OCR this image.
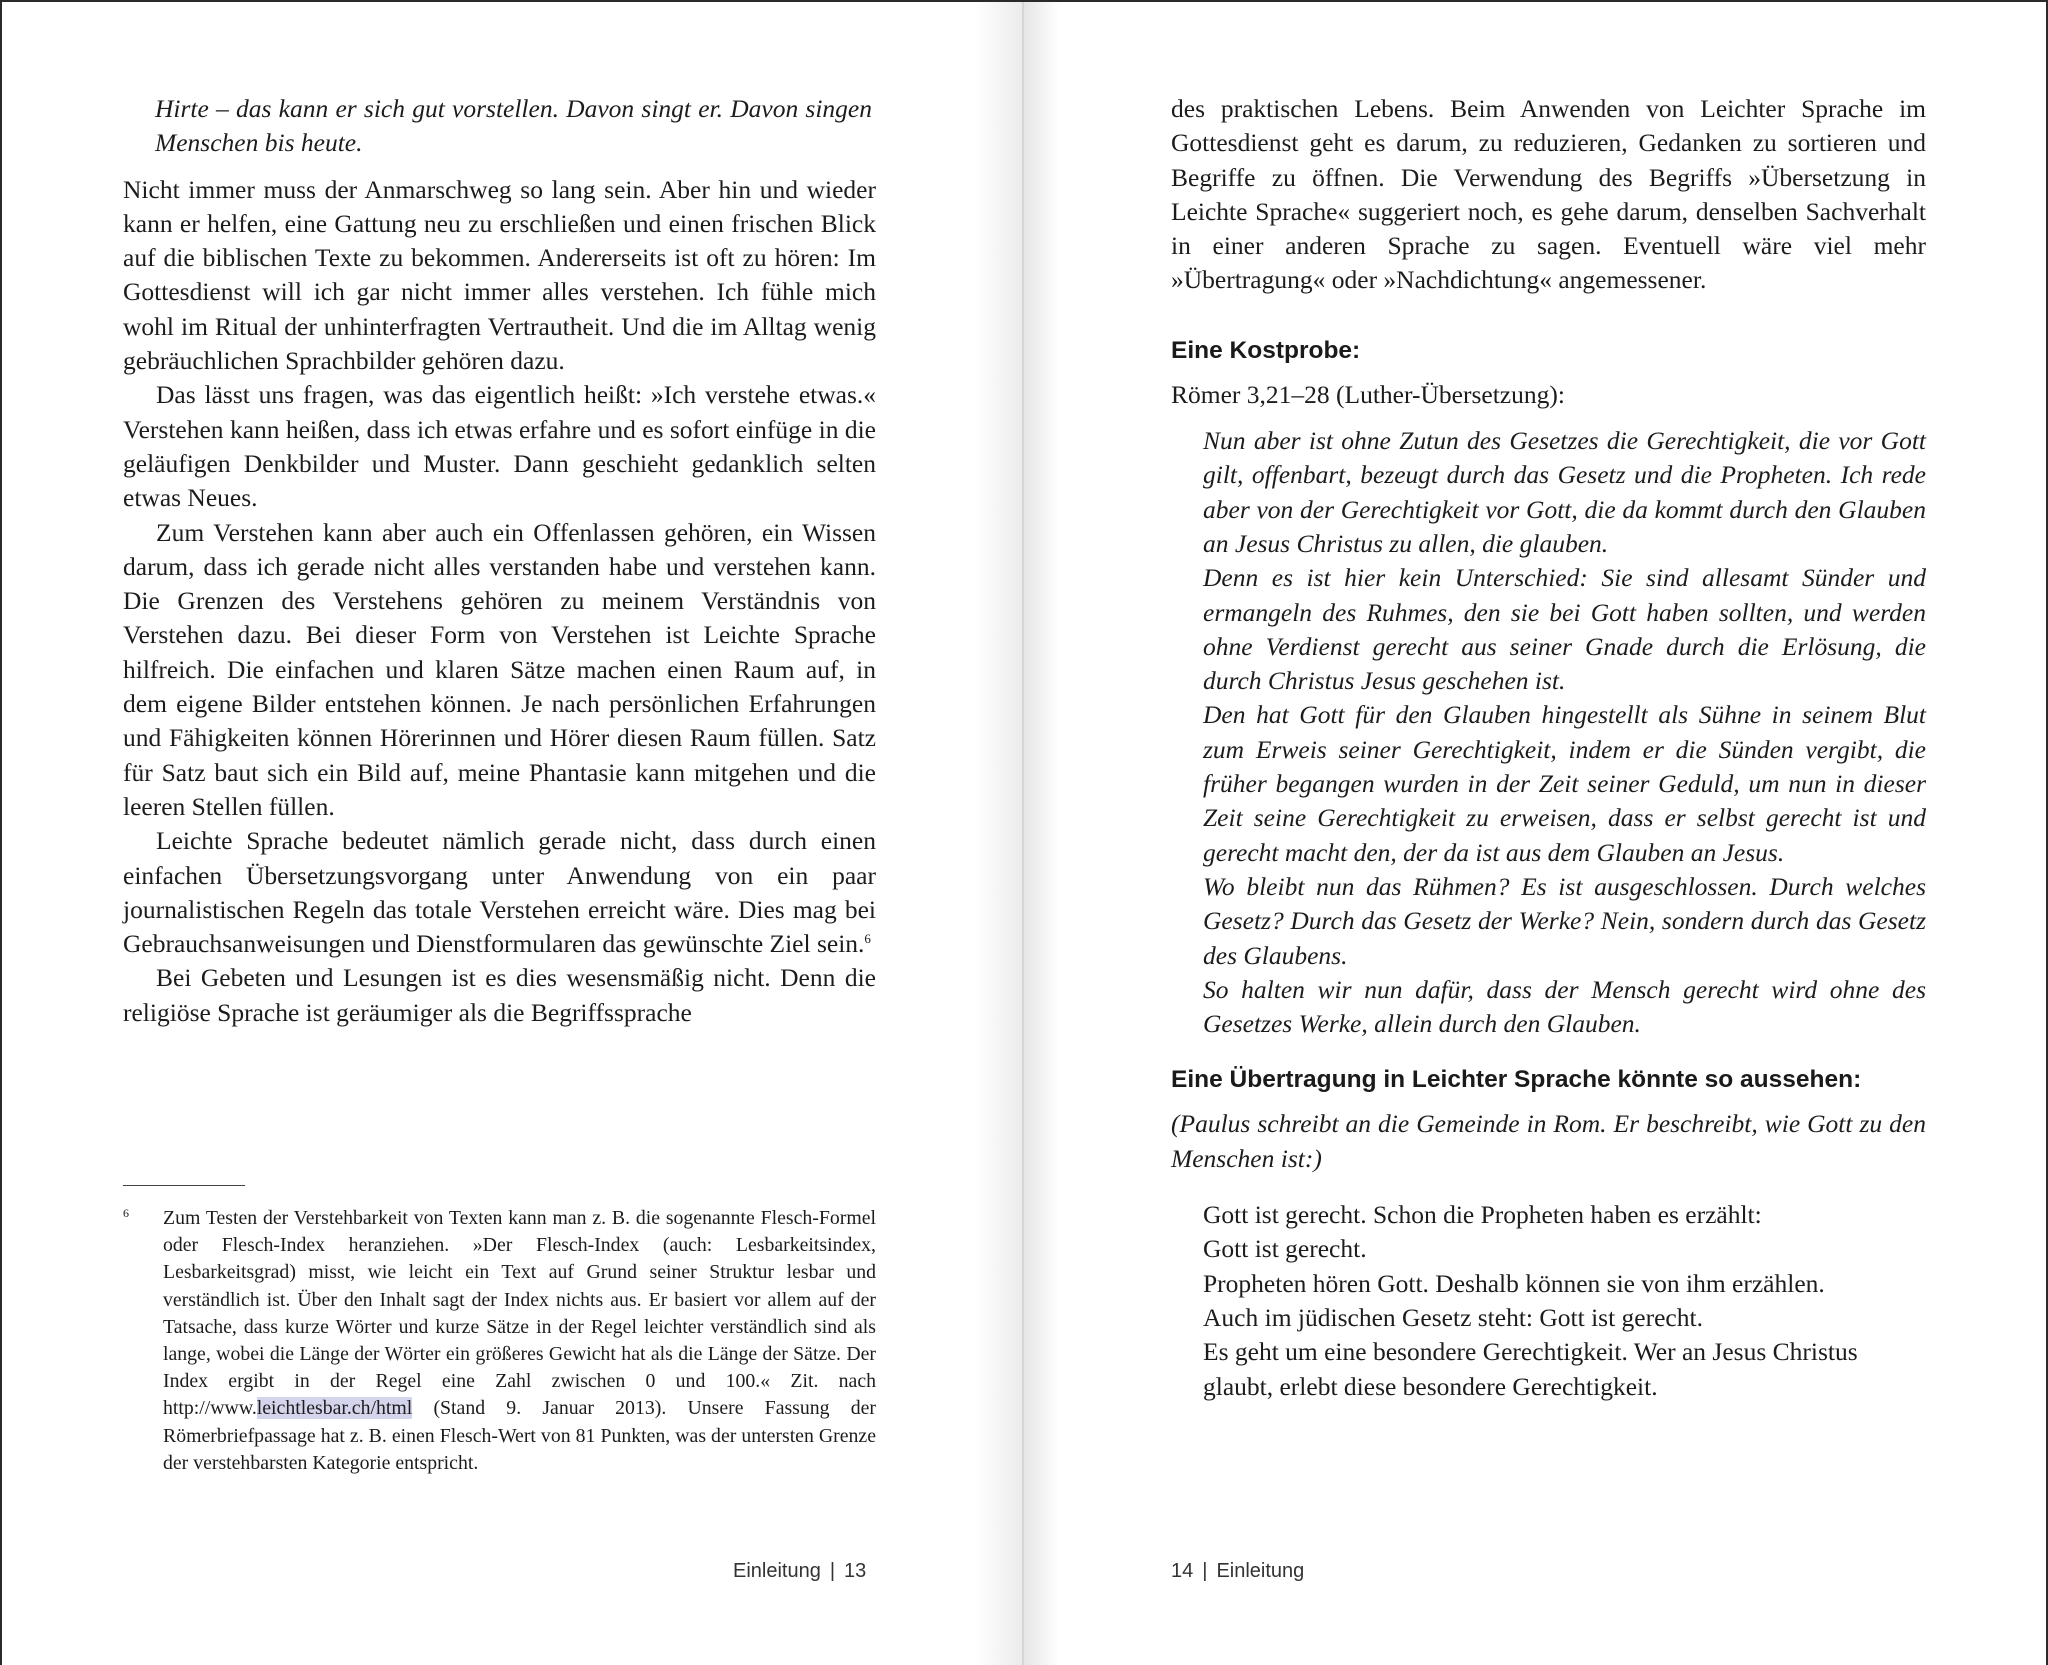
Hirte – das kann er sich gut vorstellen. Davon singt er. Davon singen Menschen bis heute.

Nicht immer muss der Anmarschweg so lang sein. Aber hin und wieder kann er helfen, eine Gattung neu zu erschließen und einen frischen Blick auf die biblischen Texte zu bekommen. Andererseits ist oft zu hören: Im Gottesdienst will ich gar nicht immer alles verstehen. Ich fühle mich wohl im Ritual der unhinterfragten Vertrautheit. Und die im Alltag wenig gebräuchlichen Sprachbilder gehören dazu.

Das lässt uns fragen, was das eigentlich heißt: »Ich verstehe etwas.« Verstehen kann heißen, dass ich etwas erfahre und es sofort einfüge in die geläufigen Denkbilder und Muster. Dann geschieht gedanklich selten etwas Neues.

Zum Verstehen kann aber auch ein Offenlassen gehören, ein Wissen darum, dass ich gerade nicht alles verstanden habe und verstehen kann. Die Grenzen des Verstehens gehören zu meinem Verständnis von Verstehen dazu. Bei dieser Form von Verstehen ist Leichte Sprache hilfreich. Die einfachen und klaren Sätze machen einen Raum auf, in dem eigene Bilder entstehen können. Je nach persönlichen Erfahrungen und Fähigkeiten können Hörerinnen und Hörer diesen Raum füllen. Satz für Satz baut sich ein Bild auf, meine Phantasie kann mitgehen und die leeren Stellen füllen.

Leichte Sprache bedeutet nämlich gerade nicht, dass durch einen einfachen Übersetzungsvorgang unter Anwendung von ein paar journalistischen Regeln das totale Verstehen erreicht wäre. Dies mag bei Gebrauchsanweisungen und Dienstformularen das gewünschte Ziel sein.$^6$

Bei Gebeten und Lesungen ist es dies wesensmäßig nicht. Denn die religiöse Sprache ist geräumiger als die Begriffssprache

6 Zum Testen der Verstehbarkeit von Texten kann man z. B. die sogenannte Flesch-Formel oder Flesch-Index heranziehen. »Der Flesch-Index (auch: Lesbarkeitsindex, Lesbarkeitsgrad) misst, wie leicht ein Text auf Grund seiner Struktur lesbar und verständlich ist. Über den Inhalt sagt der Index nichts aus. Er basiert vor allem auf der Tatsache, dass kurze Wörter und kurze Sätze in der Regel leichter verständlich sind als lange, wobei die Länge der Wörter ein größeres Gewicht hat als die Länge der Sätze. Der Index ergibt in der Regel eine Zahl zwischen 0 und 100.« Zit. nach http://www.leichtlesbar.ch/html (Stand 9. Januar 2013). Unsere Fassung der Römerbriefpassage hat z. B. einen Flesch-Wert von 81 Punkten, was der untersten Grenze der verstehbarsten Kategorie entspricht.

Einleitung | 13

des praktischen Lebens. Beim Anwenden von Leichter Sprache im Gottesdienst geht es darum, zu reduzieren, Gedanken zu sortieren und Begriffe zu öffnen. Die Verwendung des Begriffs »Übersetzung in Leichte Sprache« suggeriert noch, es gehe darum, denselben Sachverhalt in einer anderen Sprache zu sagen. Eventuell wäre viel mehr »Übertragung« oder »Nachdichtung« angemessener.

Eine Kostprobe:

Römer 3,21–28 (Luther-Übersetzung):

Nun aber ist ohne Zutun des Gesetzes die Gerechtigkeit, die vor Gott gilt, offenbart, bezeugt durch das Gesetz und die Propheten. Ich rede aber von der Gerechtigkeit vor Gott, die da kommt durch den Glauben an Jesus Christus zu allen, die glauben.

Denn es ist hier kein Unterschied: Sie sind allesamt Sünder und ermangeln des Ruhmes, den sie bei Gott haben sollten, und werden ohne Verdienst gerecht aus seiner Gnade durch die Erlösung, die durch Christus Jesus geschehen ist.

Den hat Gott für den Glauben hingestellt als Sühne in seinem Blut zum Erweis seiner Gerechtigkeit, indem er die Sünden vergibt, die früher begangen wurden in der Zeit seiner Geduld, um nun in dieser Zeit seine Gerechtigkeit zu erweisen, dass er selbst gerecht ist und gerecht macht den, der da ist aus dem Glauben an Jesus.

Wo bleibt nun das Rühmen? Es ist ausgeschlossen. Durch welches Gesetz? Durch das Gesetz der Werke? Nein, sondern durch das Gesetz des Glaubens.

So halten wir nun dafür, dass der Mensch gerecht wird ohne des Gesetzes Werke, allein durch den Glauben.

Eine Übertragung in Leichter Sprache könnte so aussehen:

(Paulus schreibt an die Gemeinde in Rom. Er beschreibt, wie Gott zu den Menschen ist:)

Gott ist gerecht. Schon die Propheten haben es erzählt:

Gott ist gerecht.

Propheten hören Gott. Deshalb können sie von ihm erzählen.

Auch im jüdischen Gesetz steht: Gott ist gerecht.

Es geht um eine besondere Gerechtigkeit. Wer an Jesus Christus glaubt, erlebt diese besondere Gerechtigkeit.

14 | Einleitung
